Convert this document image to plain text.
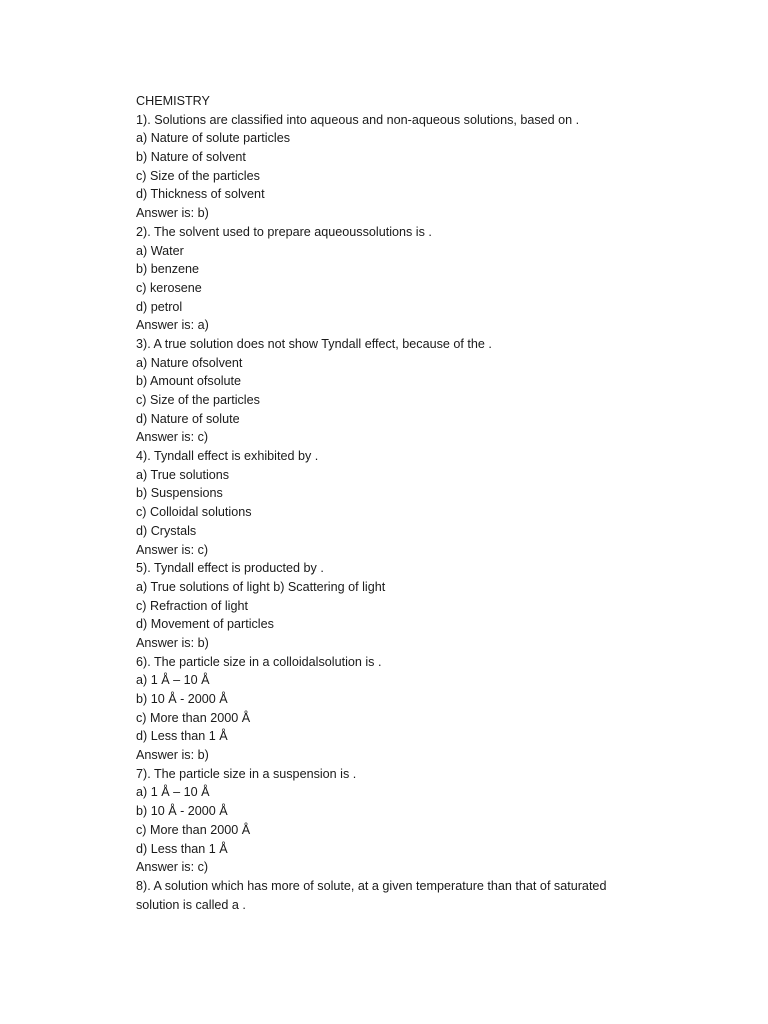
CHEMISTRY
1). Solutions are classified into aqueous and non-aqueous solutions, based on .
a) Nature of solute particles
b) Nature of solvent
c) Size of the particles
d) Thickness of solvent
Answer is: b)
2). The solvent used to prepare aqueoussolutions is .
a) Water
b) benzene
c) kerosene
d) petrol
Answer is: a)
3). A true solution does not show Tyndall effect, because of the .
a) Nature ofsolvent
b) Amount ofsolute
c) Size of the particles
d) Nature of solute
Answer is: c)
4). Tyndall effect is exhibited by .
a) True solutions
b) Suspensions
c) Colloidal solutions
d) Crystals
Answer is: c)
5). Tyndall effect is producted by .
a) True solutions of light b) Scattering of light
c) Refraction of light
d) Movement of particles
Answer is: b)
6). The particle size in a colloidalsolution is .
a) 1 Å – 10 Å
b) 10 Å - 2000 Å
c) More than 2000 Å
d) Less than 1 Å
Answer is: b)
7). The particle size in a suspension is .
a) 1 Å – 10 Å
b) 10 Å - 2000 Å
c) More than 2000 Å
d) Less than 1 Å
Answer is: c)
8). A solution which has more of solute, at a given temperature than that of saturated
solution is called a .
